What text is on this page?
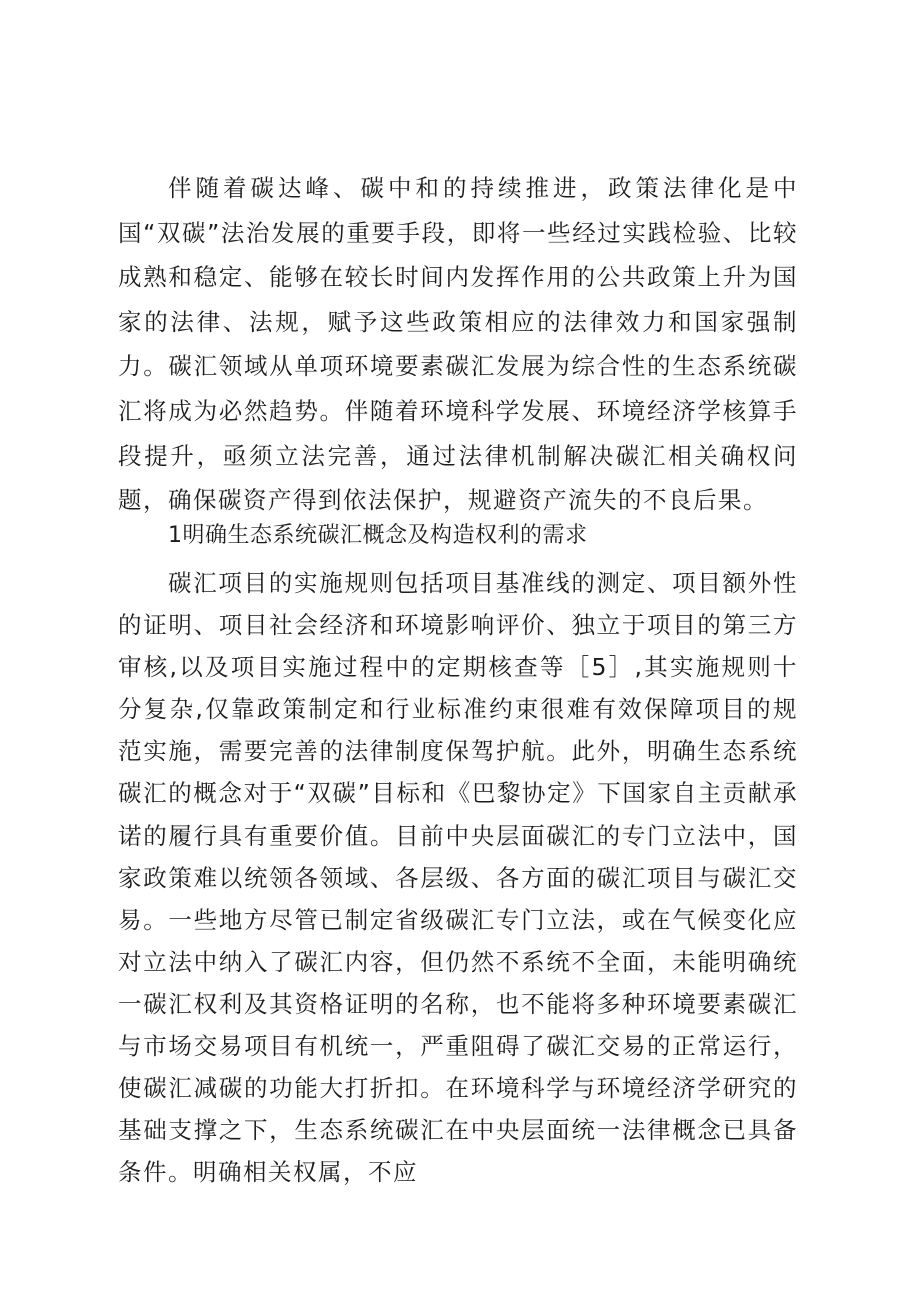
伴随着碳达峰、碳中和的持续推进，政策法律化是中国“双碳”法治发展的重要手段，即将一些经过实践检验、比较成熟和稳定、能够在较长时间内发挥作用的公共政策上升为国家的法律、法规，赋予这些政策相应的法律效力和国家强制力。碳汇领域从单项环境要素碳汇发展为综合性的生态系统碳汇将成为必然趋势。伴随着环境科学发展、环境经济学核算手段提升，亟须立法完善，通过法律机制解决碳汇相关确权问题，确保碳资产得到依法保护，规避资产流失的不良后果。

1明确生态系统碳汇概念及构造权利的需求

碳汇项目的实施规则包括项目基准线的测定、项目额外性的证明、项目社会经济和环境影响评价、独立于项目的第三方审核,以及项目实施过程中的定期核查等［5］,其实施规则十分复杂,仅靠政策制定和行业标准约束很难有效保障项目的规范实施，需要完善的法律制度保驾护航。此外，明确生态系统碳汇的概念对于“双碳”目标和《巴黎协定》下国家自主贡献承诺的履行具有重要价值。目前中央层面碳汇的专门立法中，国家政策难以统领各领域、各层级、各方面的碳汇项目与碳汇交易。一些地方尽管已制定省级碳汇专门立法，或在气候变化应对立法中纳入了碳汇内容，但仍然不系统不全面，未能明确统一碳汇权利及其资格证明的名称，也不能将多种环境要素碳汇与市场交易项目有机统一，严重阻碍了碳汇交易的正常运行，使碳汇减碳的功能大打折扣。在环境科学与环境经济学研究的基础支撑之下，生态系统碳汇在中央层面统一法律概念已具备条件。明确相关权属，不应
